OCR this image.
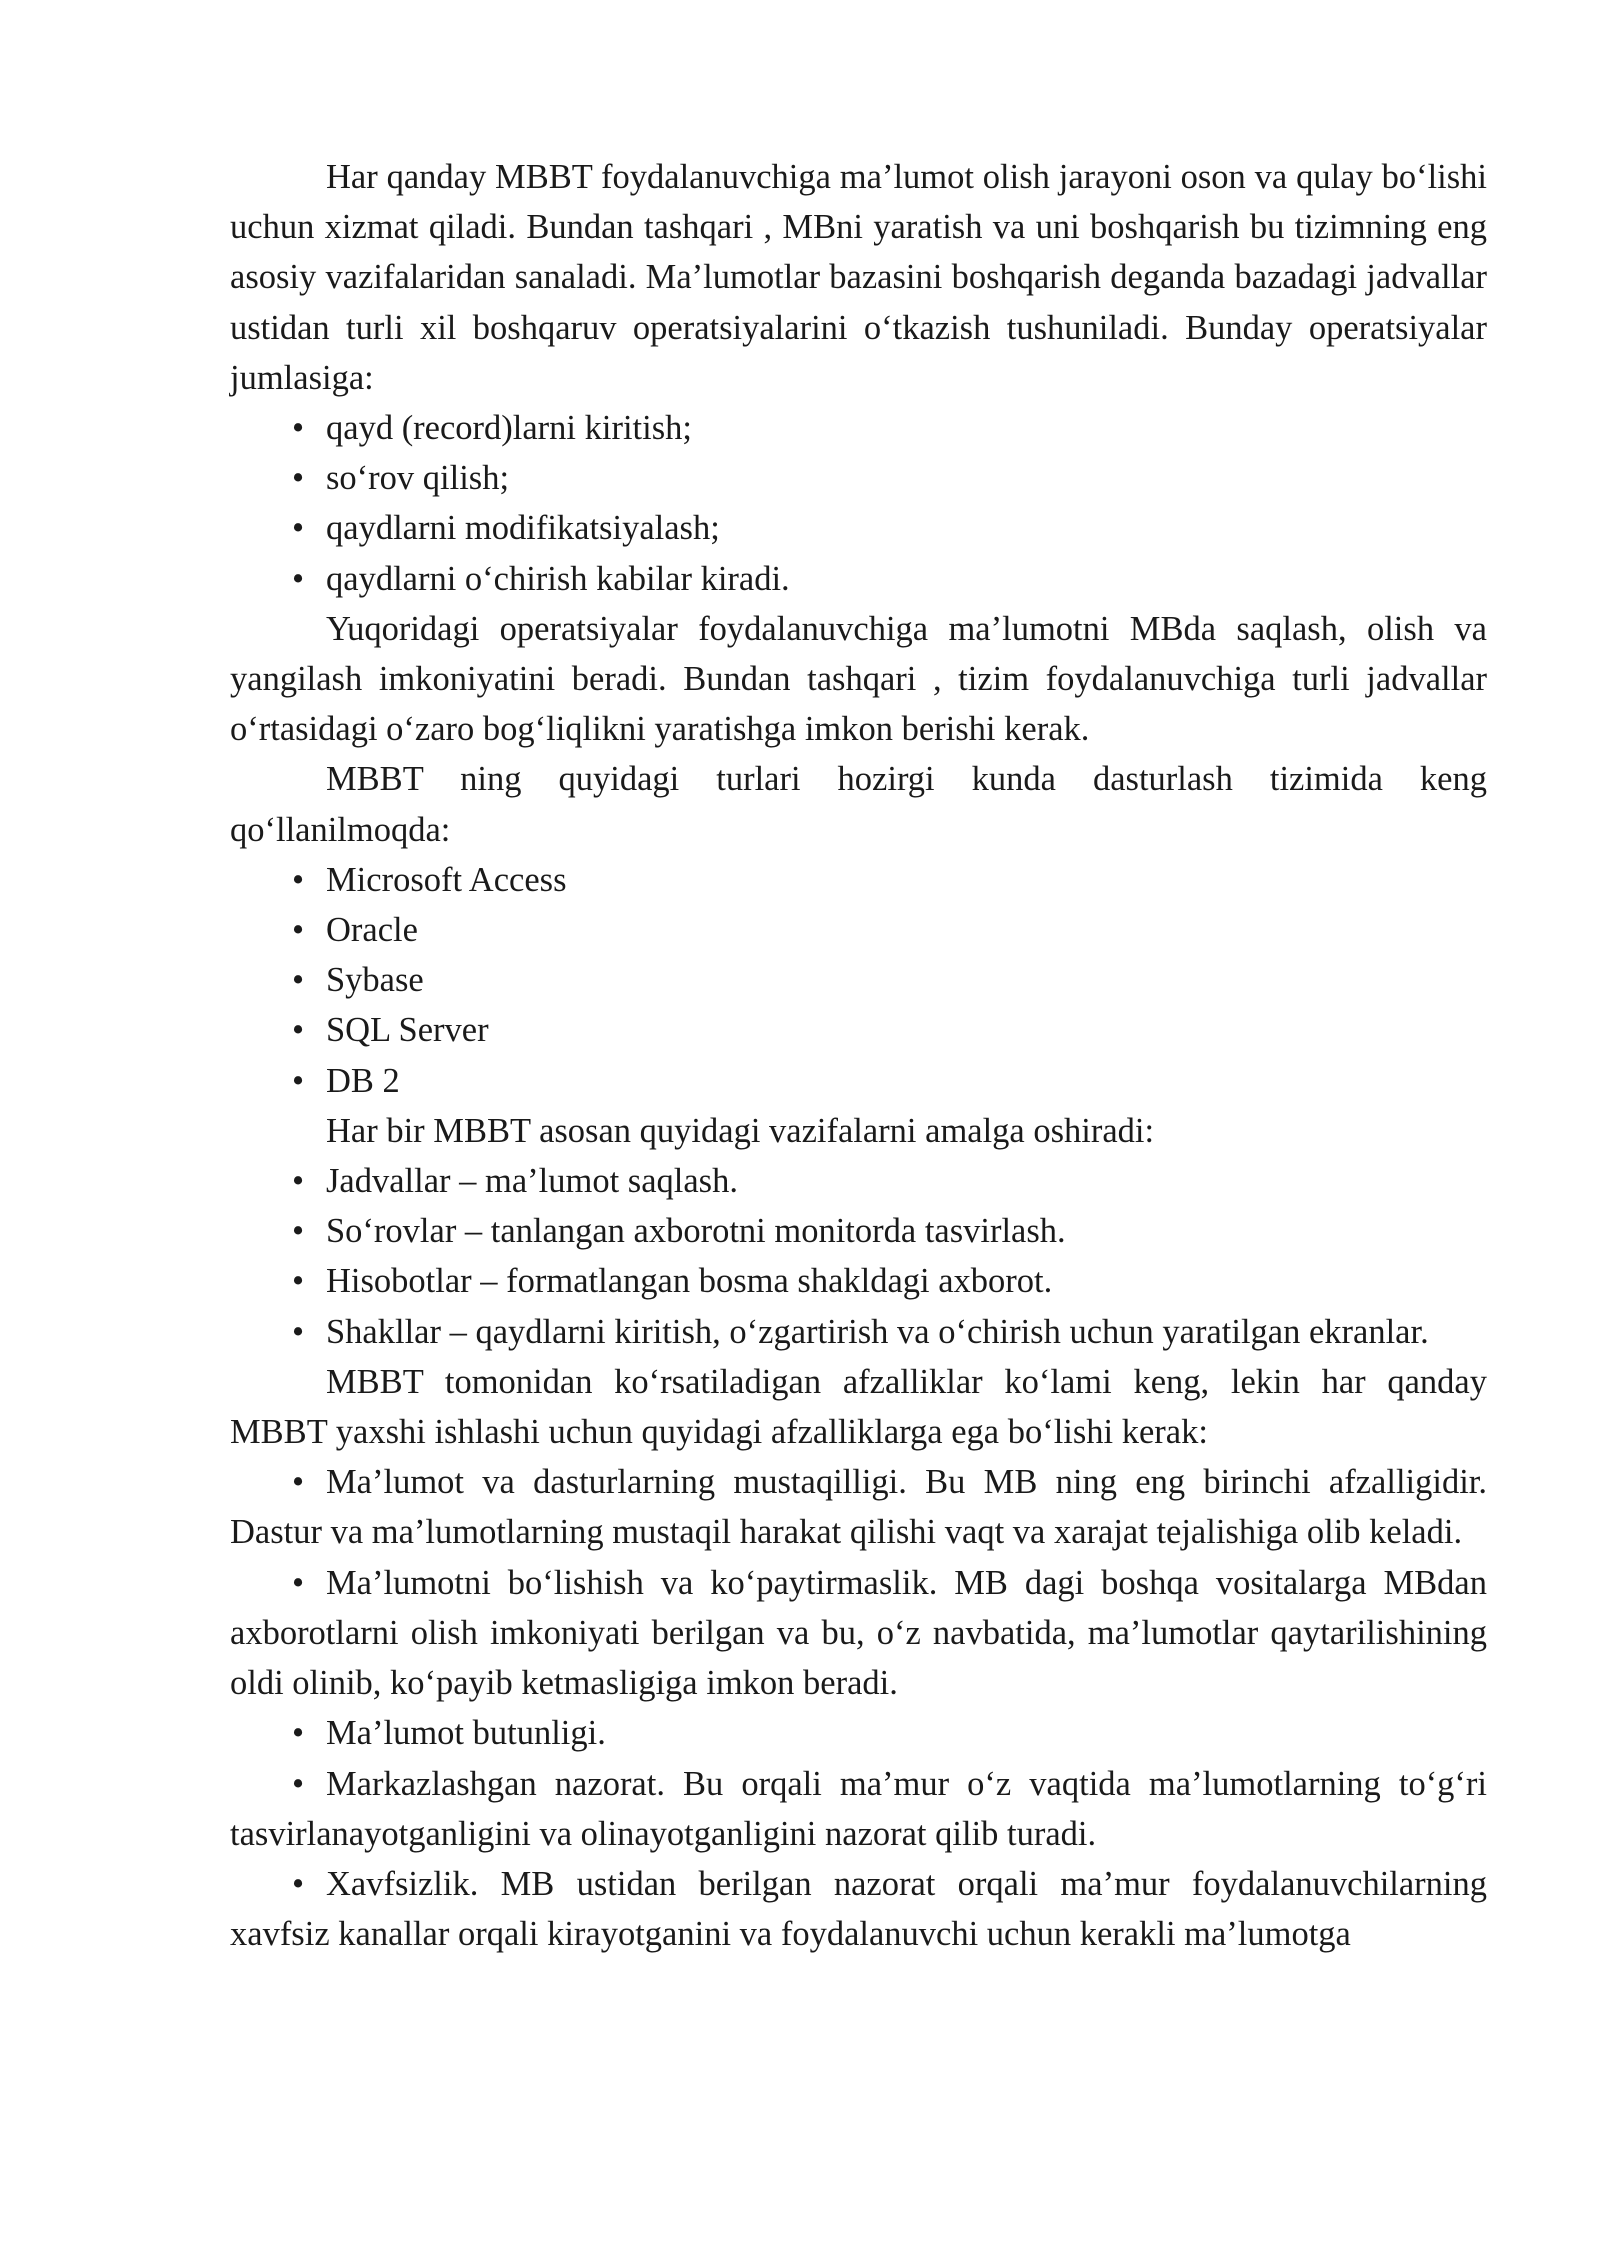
Har qanday MBBT foydalanuvchiga ma’lumot olish jarayoni oson va qulay bo‘lishi uchun xizmat qiladi. Bundan tashqari , MBni yaratish va uni boshqarish bu tizimning eng asosiy vazifalaridan sanaladi. Ma’lumotlar bazasini boshqarish deganda bazadagi jadvallar ustidan turli xil boshqaruv operatsiyalarini o‘tkazish tushuniladi. Bunday operatsiyalar jumlasiga:

• qayd (record)larni kiritish;
• so‘rov qilish;
• qaydlarni modifikatsiyalash;
• qaydlarni o‘chirish kabilar kiradi.

Yuqoridagi operatsiyalar foydalanuvchiga ma’lumotni MBda saqlash, olish va yangilash imkoniyatini beradi. Bundan tashqari , tizim foydalanuvchiga turli jadvallar o‘rtasidagi o‘zaro bog‘liqlikni yaratishga imkon berishi kerak.

MBBT ning quyidagi turlari hozirgi kunda dasturlash tizimida keng qo‘llanilmoqda:

• Microsoft Access
• Oracle
• Sybase
• SQL Server
• DB 2

Har bir MBBT asosan quyidagi vazifalarni amalga oshiradi:

• Jadvallar – ma’lumot saqlash.
• So‘rovlar – tanlangan axborotni monitorda tasvirlash.
• Hisobotlar – formatlangan bosma shakldagi axborot.

• Shakllar – qaydlarni kiritish, o‘zgartirish va o‘chirish uchun yaratilgan ekranlar.

MBBT tomonidan ko‘rsatiladigan afzalliklar ko‘lami keng, lekin har qanday MBBT yaxshi ishlashi uchun quyidagi afzalliklarga ega bo‘lishi kerak:

• Ma’lumot va dasturlarning mustaqilligi. Bu MB ning eng birinchi afzalligidir. Dastur va ma’lumotlarning mustaqil harakat qilishi vaqt va xarajat tejalishiga olib keladi.

• Ma’lumotni bo‘lishish va ko‘paytirmaslik. MB dagi boshqa vositalarga MBdan axborotlarni olish imkoniyati berilgan va bu, o‘z navbatida, ma’lumotlar qaytarilishining oldi olinib, ko‘payib ketmasligiga imkon beradi.

• Ma’lumot butunligi.

• Markazlashgan nazorat. Bu orqali ma’mur o‘z vaqtida ma’lumotlarning to‘g‘ri tasvirlanayotganligini va olinayotganligini nazorat qilib turadi.

• Xavfsizlik. MB ustidan berilgan nazorat orqali ma’mur foydalanuvchilarning xavfsiz kanallar orqali kirayotganini va foydalanuvchi uchun kerakli ma’lumotga
